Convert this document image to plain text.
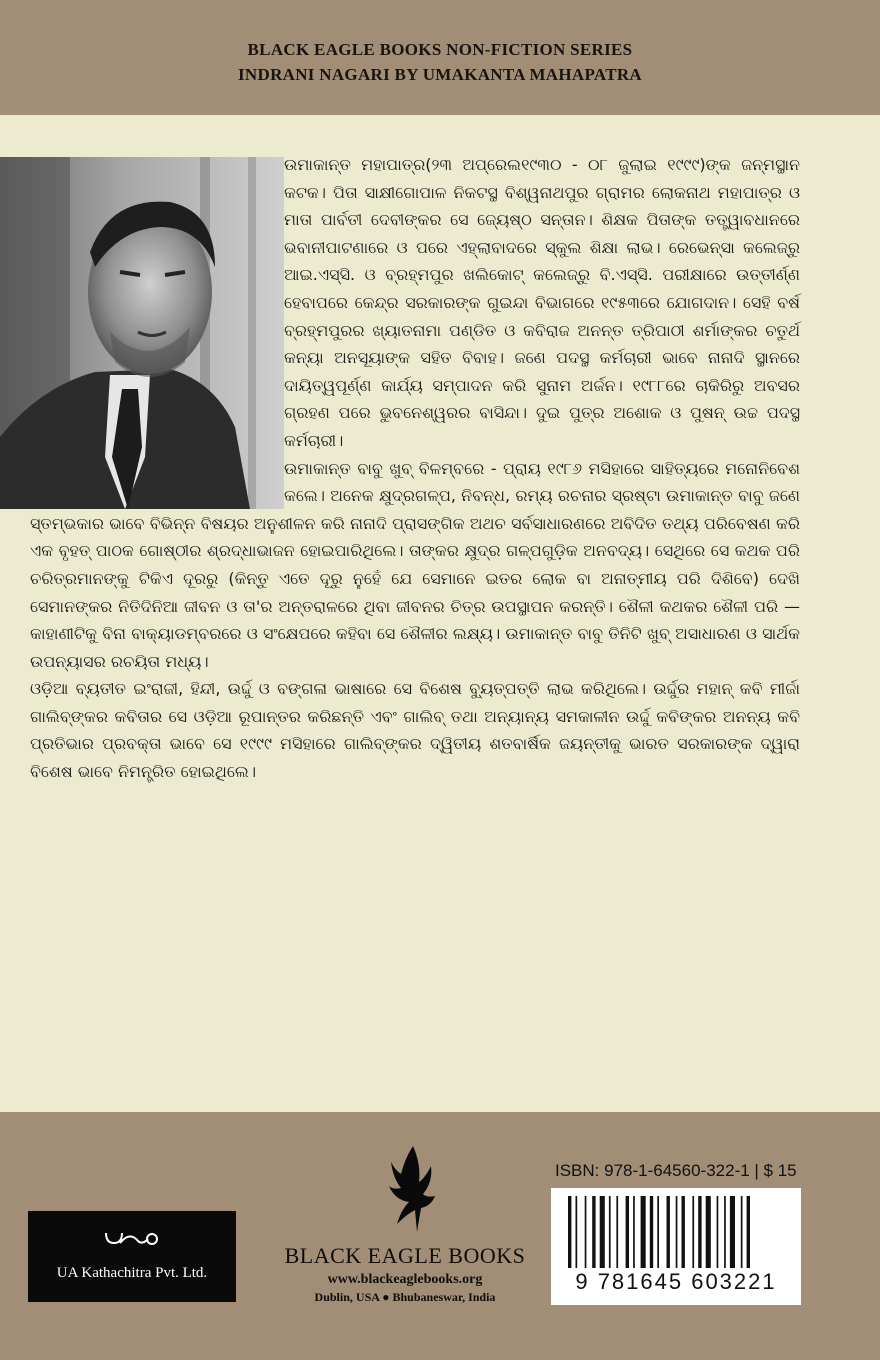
BLACK EAGLE BOOKS NON-FICTION SERIES
INDRANI NAGARI BY UMAKANTA MAHAPATRA

ଉମାକାନ୍ତ ମହାପାତ୍ର(୨୩ ଅପ୍ରେଲ୧୯୩୦ - ୦୮ ଜୁଲାଇ ୧୯୯୯)ଙ୍କ ଜନ୍ମସ୍ଥାନ କଟକ। ପିତା ସାକ୍ଷୀଗୋପାଳ ନିକଟସ୍ଥ ବିଶ୍ୱନାଥପୁର ଗ୍ରାମର ଲୋକନାଥ ମହାପାତ୍ର ଓ ମାତା ପାର୍ବତୀ ଦେବୀଙ୍କର ସେ ଜ୍ୟେଷ୍ଠ ସନ୍ତାନ। ଶିକ୍ଷକ ପିତାଙ୍କ ତତ୍ତ୍ୱାବଧାନରେ ଭବାନୀପାଟଣାରେ ଓ ପରେ ଏହ୍ଲାବାଦରେ ସ୍କୁଲ ଶିକ୍ଷା ଲାଭ। ରେଭେନ୍ସା କଲେଜ୍‌ରୁ ଆଇ.ଏସ୍‌ସି. ଓ ବ୍ରହ୍ମପୁର ଖଲିକୋଟ୍ କଲେଜ୍‌ରୁ ବି.ଏସ୍‌ସି. ପରୀକ୍ଷାରେ ଉତ୍ତୀର୍ଣ୍ଣ ହେବାପରେ କେନ୍ଦ୍ର ସରକାରଙ୍କ ଗୁଇନ୍ଦା ବିଭାଗରେ ୧୯୫୩ରେ ଯୋଗଦାନ। ସେହି ବର୍ଷ ବ୍ରହ୍ମପୁରର ଖ୍ୟାତନାମା ପଣ୍ଡିତ ଓ କବିରାଜ ଅନନ୍ତ ତ୍ରିପାଠୀ ଶର୍ମାଙ୍କର ଚତୁର୍ଥ କନ୍ୟା ଅନସୂୟାଙ୍କ ସହିତ ବିବାହ। ଜଣେ ପଦସ୍ଥ କର୍ମଚାରୀ ଭାବେ ନାନାଦି ସ୍ଥାନରେ ଦାୟିତ୍ୱପୂର୍ଣ୍ଣ କାର୍ଯ୍ୟ ସମ୍ପାଦନ କରି ସୁନାମ ଅର୍ଜନ। ୧୯୮୮ରେ ଚାକିରିରୁ ଅବସର ଗ୍ରହଣ ପରେ ଭୁବନେଶ୍ୱରର ବାସିନ୍ଦା। ଦୁଇ ପୁତ୍ର ଅଶୋକ ଓ ପୁଷନ୍ ଉଚ୍ଚ ପଦସ୍ଥ କର୍ମଚାରୀ।

ଉମାକାନ୍ତ ବାବୁ ଖୁବ୍ ବିଳମ୍ବରେ - ପ୍ରାୟ ୧୯୮୬ ମସିହାରେ ସାହିତ୍ୟରେ ମନୋନିବେଶ କଲେ। ଅନେକ କ୍ଷୁଦ୍ରଗଳ୍ପ, ନିବନ୍ଧ, ରମ୍ୟ ରଚନାର ସ୍ରଷ୍ଟା ଉମାକାନ୍ତ ବାବୁ ଜଣେ ସ୍ତମ୍ଭକାର ଭାବେ ବିଭିନ୍ନ ବିଷୟର ଅନୁଶୀଳନ କରି ନାନାଦି ପ୍ରାସଙ୍ଗିକ ଅଥଚ ସର୍ବସାଧାରଣରେ ଅବିଦିତ ତଥ୍ୟ ପରିବେଷଣ କରି ଏକ ବୃହତ୍ ପାଠକ ଗୋଷ୍ଠୀର ଶ୍ରଦ୍ଧାଭାଜନ ହୋଇପାରିଥିଲେ। ତାଙ୍କର କ୍ଷୁଦ୍ର ଗଳ୍ପଗୁଡ଼ିକ ଅନବଦ୍ୟ। ସେଥିରେ ସେ କଥକ ପରି ଚରିତ୍ରମାନଙ୍କୁ ଟିକିଏ ଦୂରରୁ (କିନ୍ତୁ ଏତେ ଦୂରୁ ନୁହେଁ ଯେ ସେମାନେ ଇତର ଲୋକ ବା ଅନାତ୍ମୀୟ ପରି ଦିଶିବେ) ଦେଖି ସେମାନଙ୍କର ନିତିଦିନିଆ ଜୀବନ ଓ ତା'ର ଅନ୍ତରାଳରେ ଥିବା ଜୀବନର ଚିତ୍ର ଉପସ୍ଥାପନ କରନ୍ତି। ଶୈଳୀ କଥକର ଶୈଳୀ ପରି — କାହାଣୀଟିକୁ ବିନା ବାକ୍ୟାଡମ୍ବରରେ ଓ ସଂକ୍ଷେପରେ କହିବା ସେ ଶୈଳୀର ଲକ୍ଷ୍ୟ। ଉମାକାନ୍ତ ବାବୁ ତିନିଟି ଖୁବ୍ ଅସାଧାରଣ ଓ ସାର୍ଥକ ଉପନ୍ୟାସର ରଚୟିତା ମଧ୍ୟ।

ଓଡ଼ିଆ ବ୍ୟତୀତ ଇଂରାଜୀ, ହିନ୍ଦୀ, ଉର୍ଦ୍ଦୁ ଓ ବଙ୍ଗଳା ଭାଷାରେ ସେ ବିଶେଷ ବ୍ୟୁତ୍ପତ୍ତି ଲାଭ କରିଥିଲେ। ଉର୍ଦ୍ଦୁର ମହାନ୍ କବି ମୀର୍ଜା ଗାଲିବ୍‌ଙ୍କର କବିତାର ସେ ଓଡ଼ିଆ ରୂପାନ୍ତର କରିଛନ୍ତି ଏବଂ ଗାଲିବ୍ ତଥା ଅନ୍ୟାନ୍ୟ ସମକାଳୀନ ଉର୍ଦ୍ଦୁ କବିଙ୍କର ଅନନ୍ୟ କବି ପ୍ରତିଭାର ପ୍ରବକ୍ତା ଭାବେ ସେ ୧୯୯୯ ମସିହାରେ ଗାଲିବ୍‌ଙ୍କର ଦ୍ୱିତୀୟ ଶତବାର୍ଷିକ ଜୟନ୍ତୀକୁ ଭାରତ ସରକାରଙ୍କ ଦ୍ୱାରା ବିଶେଷ ଭାବେ ନିମନ୍ତ୍ରିତ ହୋଇଥିଲେ।

UA Kathachitra Pvt. Ltd.
BLACK EAGLE BOOKS
www.blackeaglebooks.org
Dublin, USA ● Bhubaneswar, India
ISBN: 978-1-64560-322-1 | $ 15
9 781645 603221
